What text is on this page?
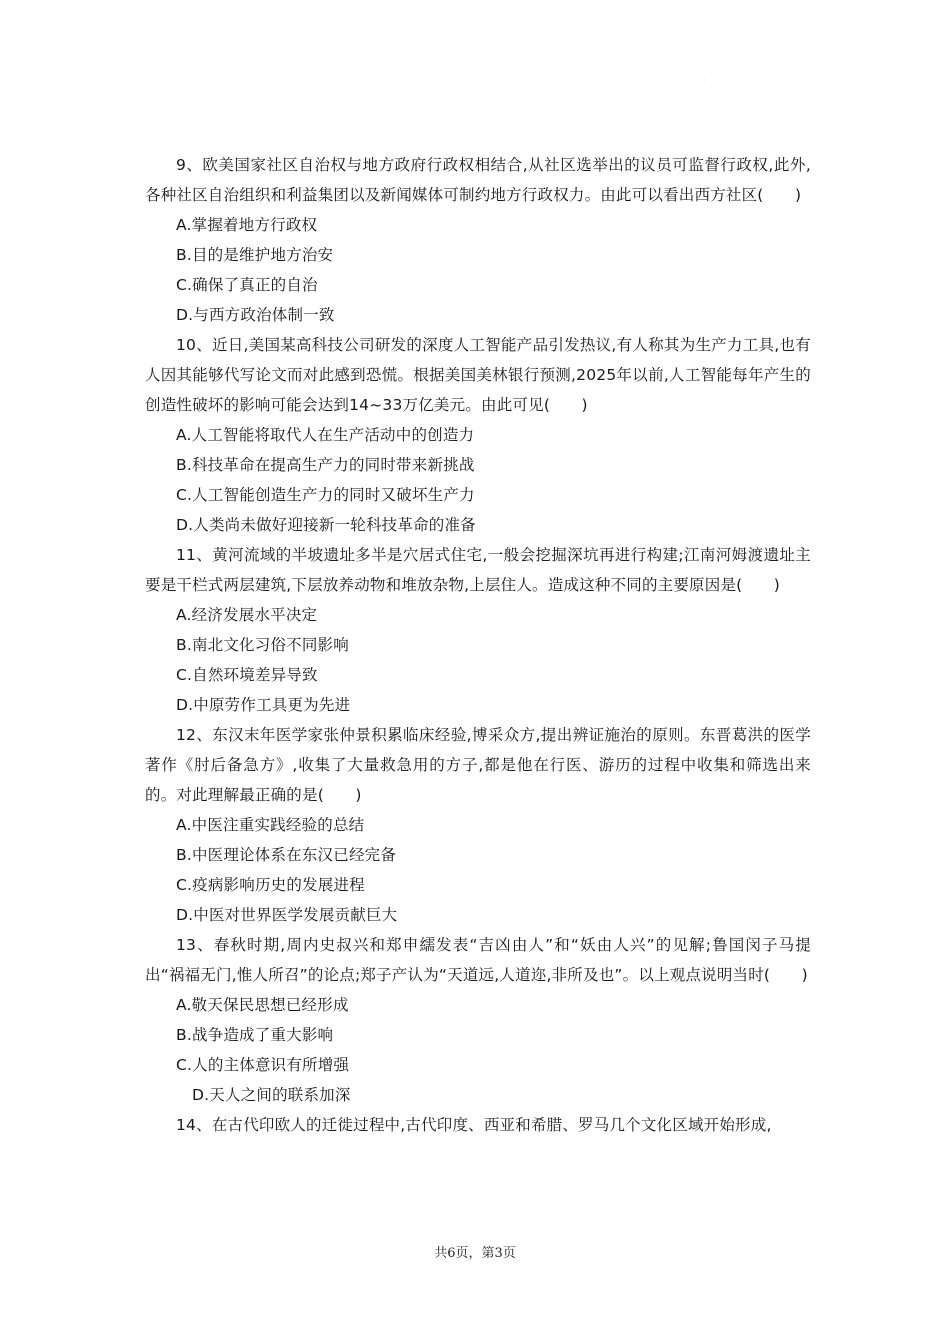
·

9、欧美国家社区自治权与地方政府行政权相结合,从社区选举出的议员可监督行政权,此外,各种社区自治组织和利益集团以及新闻媒体可制约地方行政权力。由此可以看出西方社区(　　)

A.掌握着地方行政权
B.目的是维护地方治安
C.确保了真正的自治
D.与西方政治体制一致

10、近日,美国某高科技公司研发的深度人工智能产品引发热议,有人称其为生产力工具,也有人因其能够代写论文而对此感到恐慌。根据美国美林银行预测,2025年以前,人工智能每年产生的创造性破坏的影响可能会达到14~33万亿美元。由此可见(　　)

A.人工智能将取代人在生产活动中的创造力
B.科技革命在提高生产力的同时带来新挑战
C.人工智能创造生产力的同时又破坏生产力
D.人类尚未做好迎接新一轮科技革命的准备

11、黄河流域的半坡遗址多半是穴居式住宅,一般会挖掘深坑再进行构建;江南河姆渡遗址主要是干栏式两层建筑,下层放养动物和堆放杂物,上层住人。造成这种不同的主要原因是(　　)

A.经济发展水平决定
B.南北文化习俗不同影响
C.自然环境差异导致
D.中原劳作工具更为先进

12、东汉末年医学家张仲景积累临床经验,博采众方,提出辨证施治的原则。东晋葛洪的医学著作《肘后备急方》,收集了大量救急用的方子,都是他在行医、游历的过程中收集和筛选出来的。对此理解最正确的是(　　)

A.中医注重实践经验的总结
B.中医理论体系在东汉已经完备
C.疫病影响历史的发展进程
D.中医对世界医学发展贡献巨大

13、春秋时期,周内史叔兴和郑申繻发表“吉凶由人”和“妖由人兴”的见解;鲁国闵子马提出“祸福无门,惟人所召”的论点;郑子产认为“天道远,人道迩,非所及也”。以上观点说明当时(　　)

A.敬天保民思想已经形成
B.战争造成了重大影响
C.人的主体意识有所增强
D.天人之间的联系加深

14、在古代印欧人的迁徙过程中,古代印度、西亚和希腊、罗马几个文化区域开始形成,

共6页，第3页
